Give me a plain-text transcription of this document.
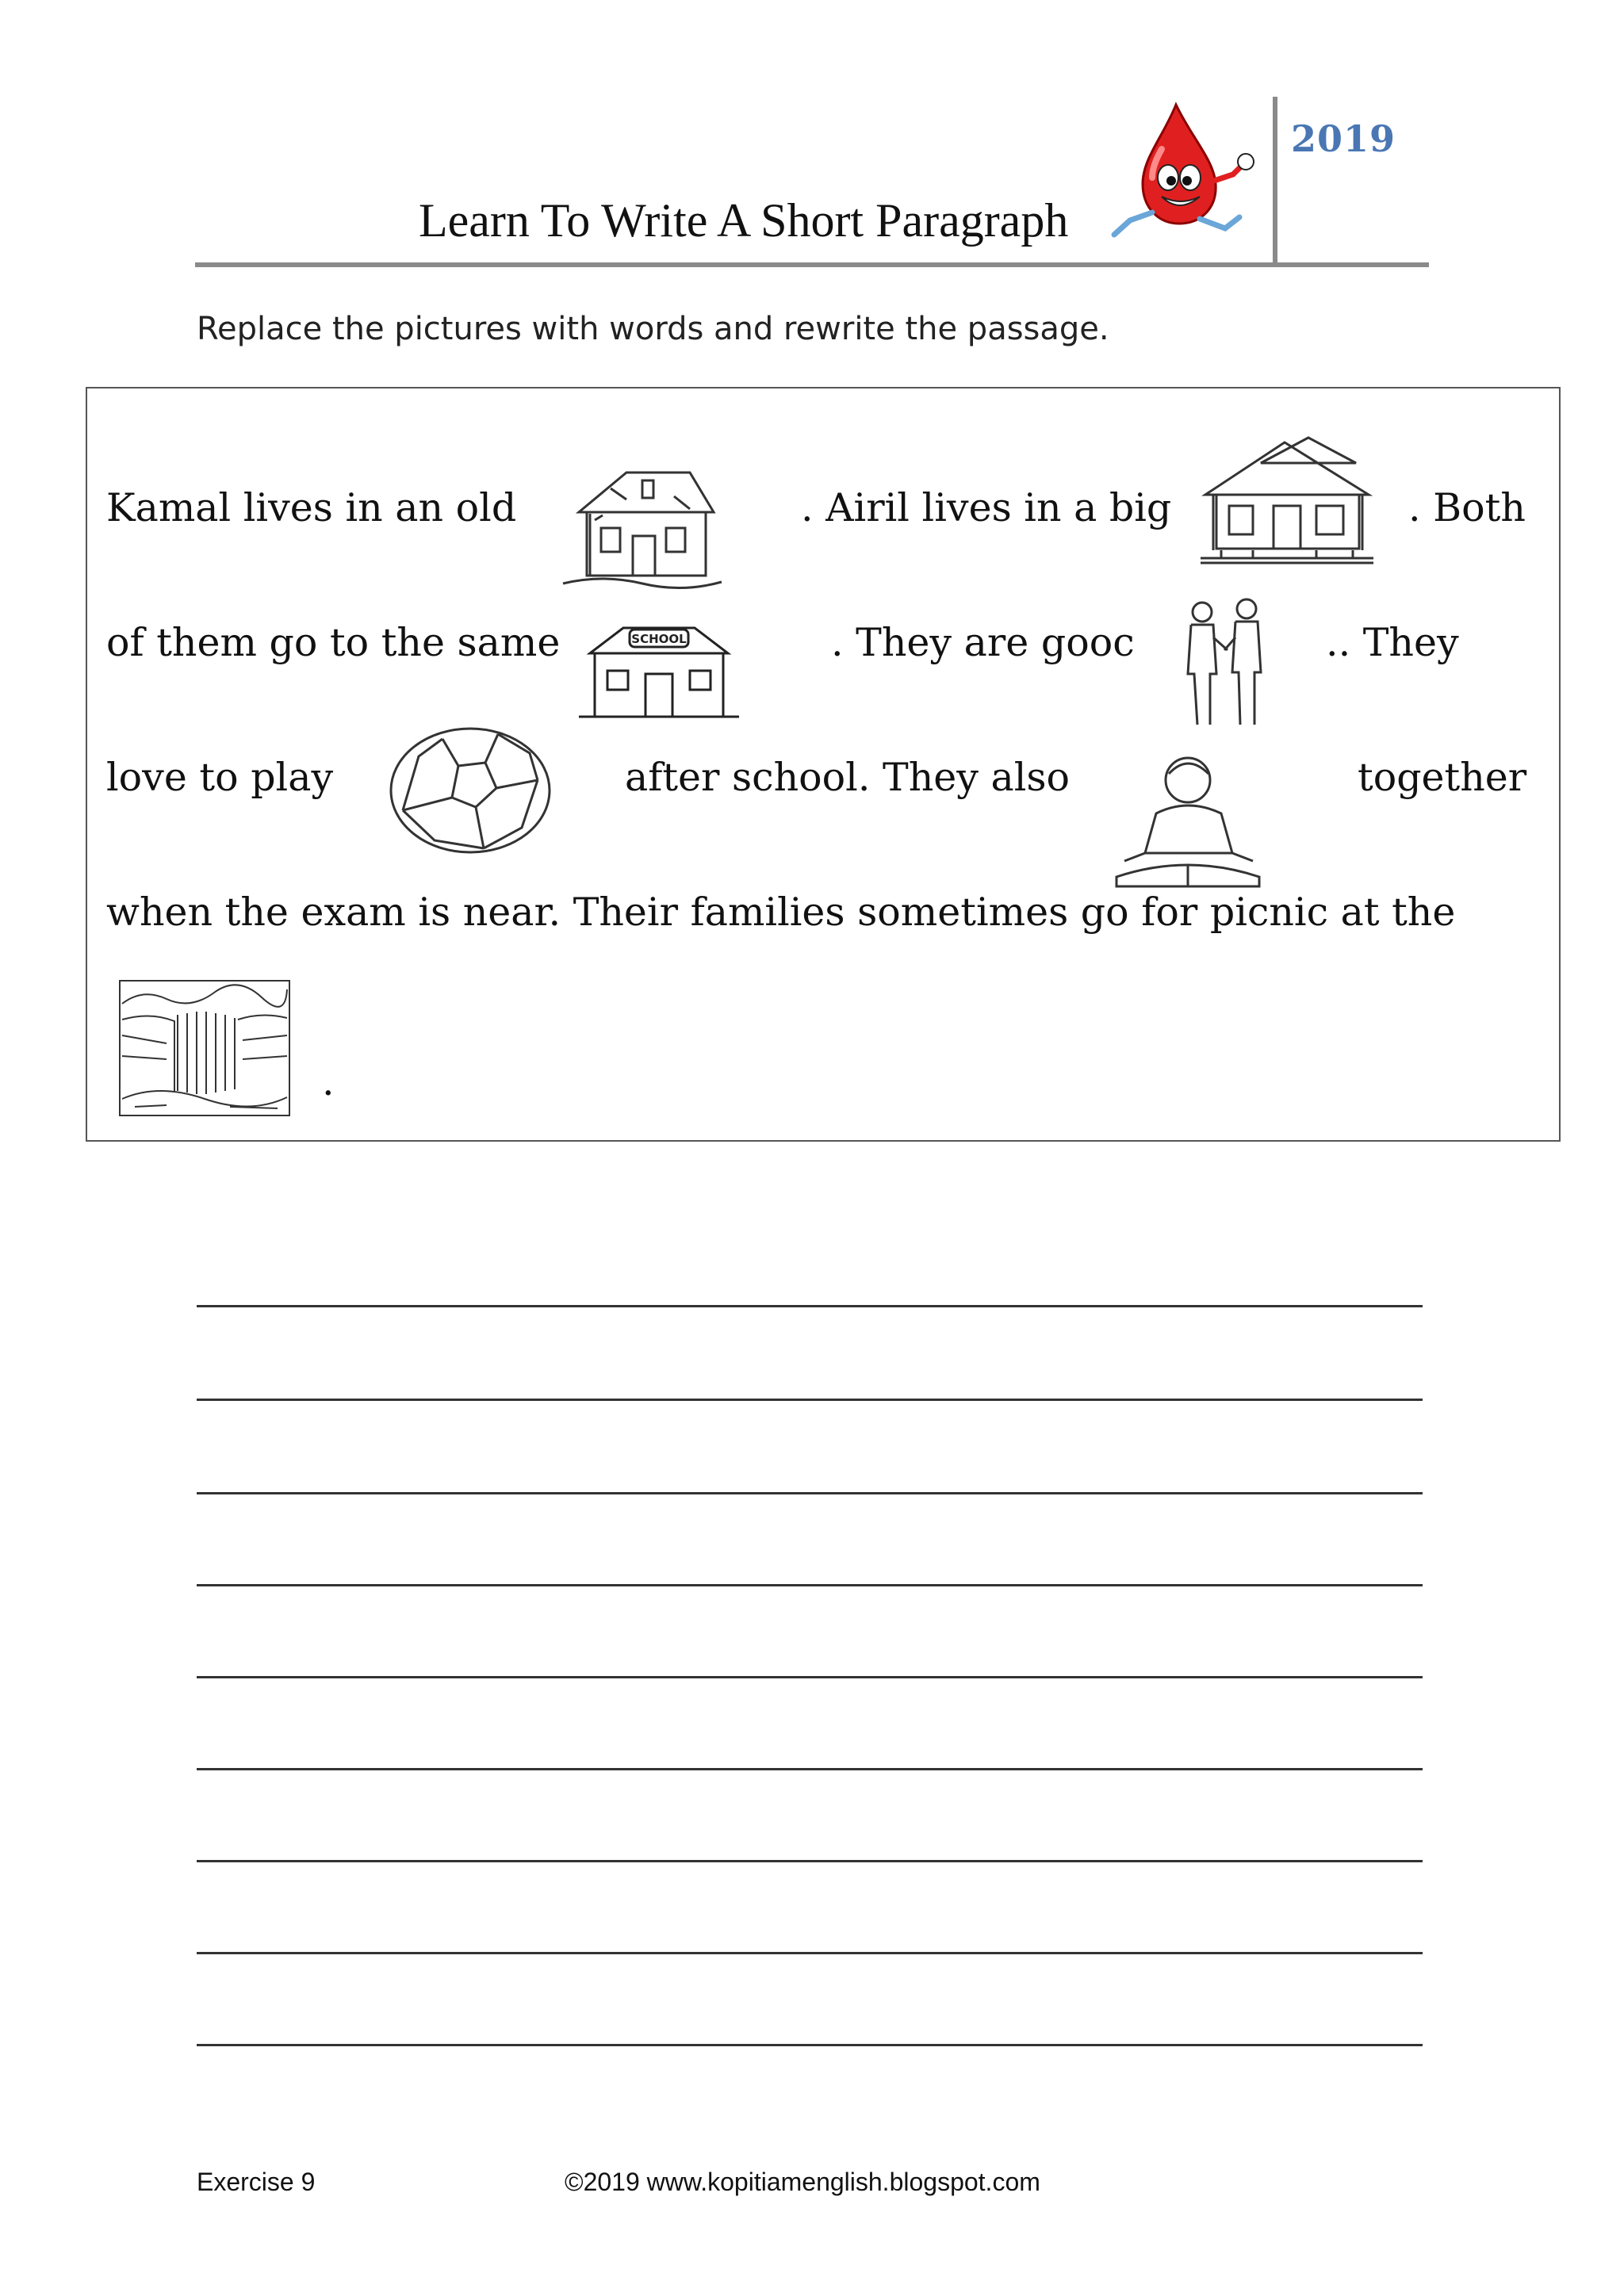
Learn To Write A Short Paragraph
2019
Replace the pictures with words and rewrite the passage.
Kamal lives in an old	. Airil lives in a big	. Both
of them go to the same	. They are gooc	.. They
SCHOOL
love to play	after school. They also	together
when the exam is near. Their families sometimes go for picnic at the
.
Exercise 9	©2019 www.kopitiamenglish.blogspot.com
